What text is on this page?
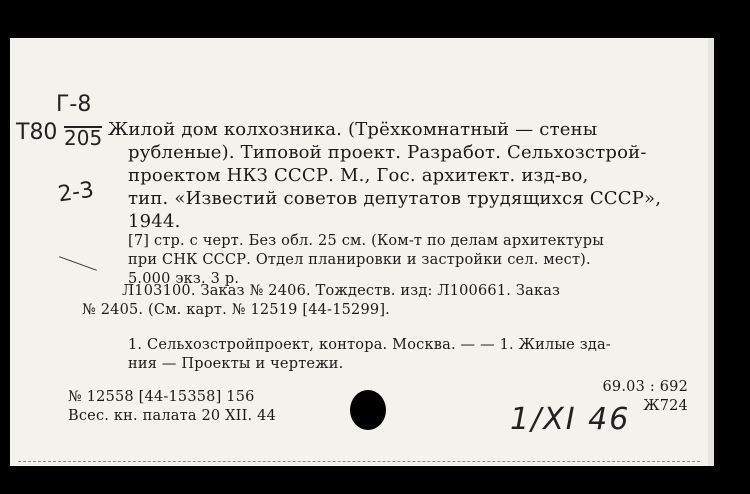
Г-8
Т80 205
2-3
Жилой дом колхозника. (Трёхкомнатный — стены
рубленые). Типовой проект. Разработ. Сельхозстрой-
проектом НКЗ СССР. М., Гос. архитект. изд-во,
тип. «Известий советов депутатов трудящихся СССР»,
1944.
[7] стр. с черт. Без обл. 25 см. (Ком-т по делам архитектуры
при СНК СССР. Отдел планировки и застройки сел. мест).
5.000 экз. 3 р.
Л103100. Заказ № 2406. Тождеств. изд: Л100661. Заказ
№ 2405. (См. карт. № 12519 [44-15299].
1. Сельхозстройпроект, контора. Москва. — — 1. Жилые зда-
ния — Проекты и чертежи.
№ 12558 [44-15358] 156
Всес. кн. палата 20 XII. 44
69.03 : 692
Ж724
1/XI 46
